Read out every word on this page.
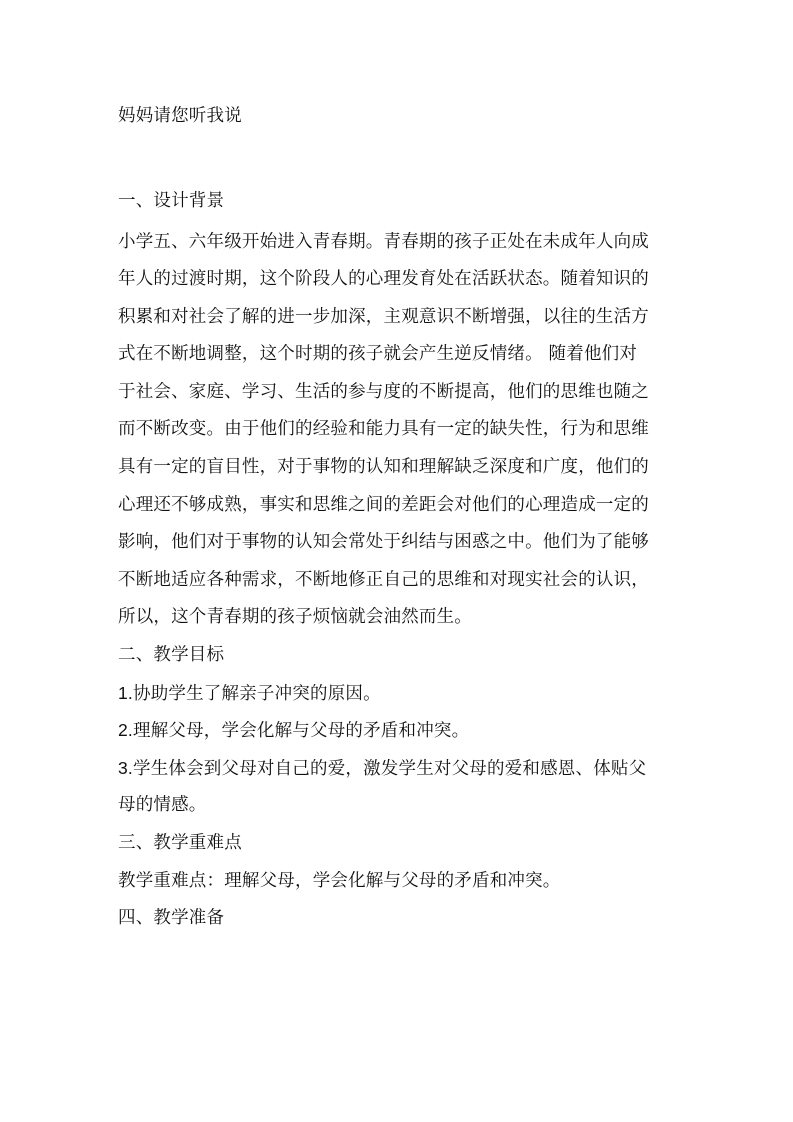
妈妈请您听我说
一、设计背景
小学五、六年级开始进入青春期。青春期的孩子正处在未成年人向成
年人的过渡时期，这个阶段人的心理发育处在活跃状态。随着知识的
积累和对社会了解的进一步加深，主观意识不断增强，以往的生活方
式在不断地调整，这个时期的孩子就会产生逆反情绪。 随着他们对
于社会、家庭、学习、生活的参与度的不断提高，他们的思维也随之
而不断改变。由于他们的经验和能力具有一定的缺失性，行为和思维
具有一定的盲目性，对于事物的认知和理解缺乏深度和广度，他们的
心理还不够成熟，事实和思维之间的差距会对他们的心理造成一定的
影响，他们对于事物的认知会常处于纠结与困惑之中。他们为了能够
不断地适应各种需求，不断地修正自己的思维和对现实社会的认识，
所以，这个青春期的孩子烦恼就会油然而生。
二、教学目标
1.协助学生了解亲子冲突的原因。
2.理解父母，学会化解与父母的矛盾和冲突。
3.学生体会到父母对自己的爱，激发学生对父母的爱和感恩、体贴父
母的情感。
三、教学重难点
教学重难点：理解父母，学会化解与父母的矛盾和冲突。
四、教学准备
